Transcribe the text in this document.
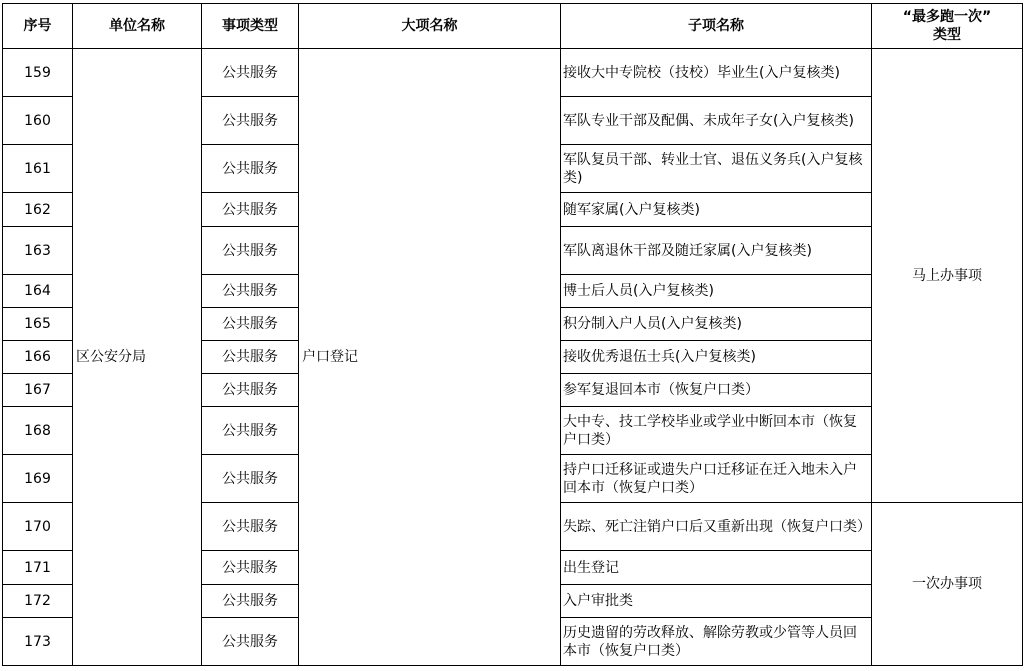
序号	单位名称	事项类型	大项名称	子项名称	“最多跑一次”
类型

159	区公安分局	公共服务	户口登记	接收大中专院校（技校）毕业生(入户复核类)	马上办事项
160		公共服务		军队专业干部及配偶、未成年子女(入户复核类)	
161		公共服务		军队复员干部、转业士官、退伍义务兵(入户复核类)	
162		公共服务		随军家属(入户复核类)	
163		公共服务		军队离退休干部及随迁家属(入户复核类)	
164		公共服务		博士后人员(入户复核类)	
165		公共服务		积分制入户人员(入户复核类)	
166		公共服务		接收优秀退伍士兵(入户复核类)	
167		公共服务		参军复退回本市（恢复户口类）	
168		公共服务		大中专、技工学校毕业或学业中断回本市（恢复户口类）	
169		公共服务		持户口迁移证或遗失户口迁移证在迁入地未入户回本市（恢复户口类）	
170		公共服务		失踪、死亡注销户口后又重新出现（恢复户口类）	一次办事项
171		公共服务		出生登记	
172		公共服务		入户审批类	
173		公共服务		历史遗留的劳改释放、解除劳教或少管等人员回本市（恢复户口类）	
